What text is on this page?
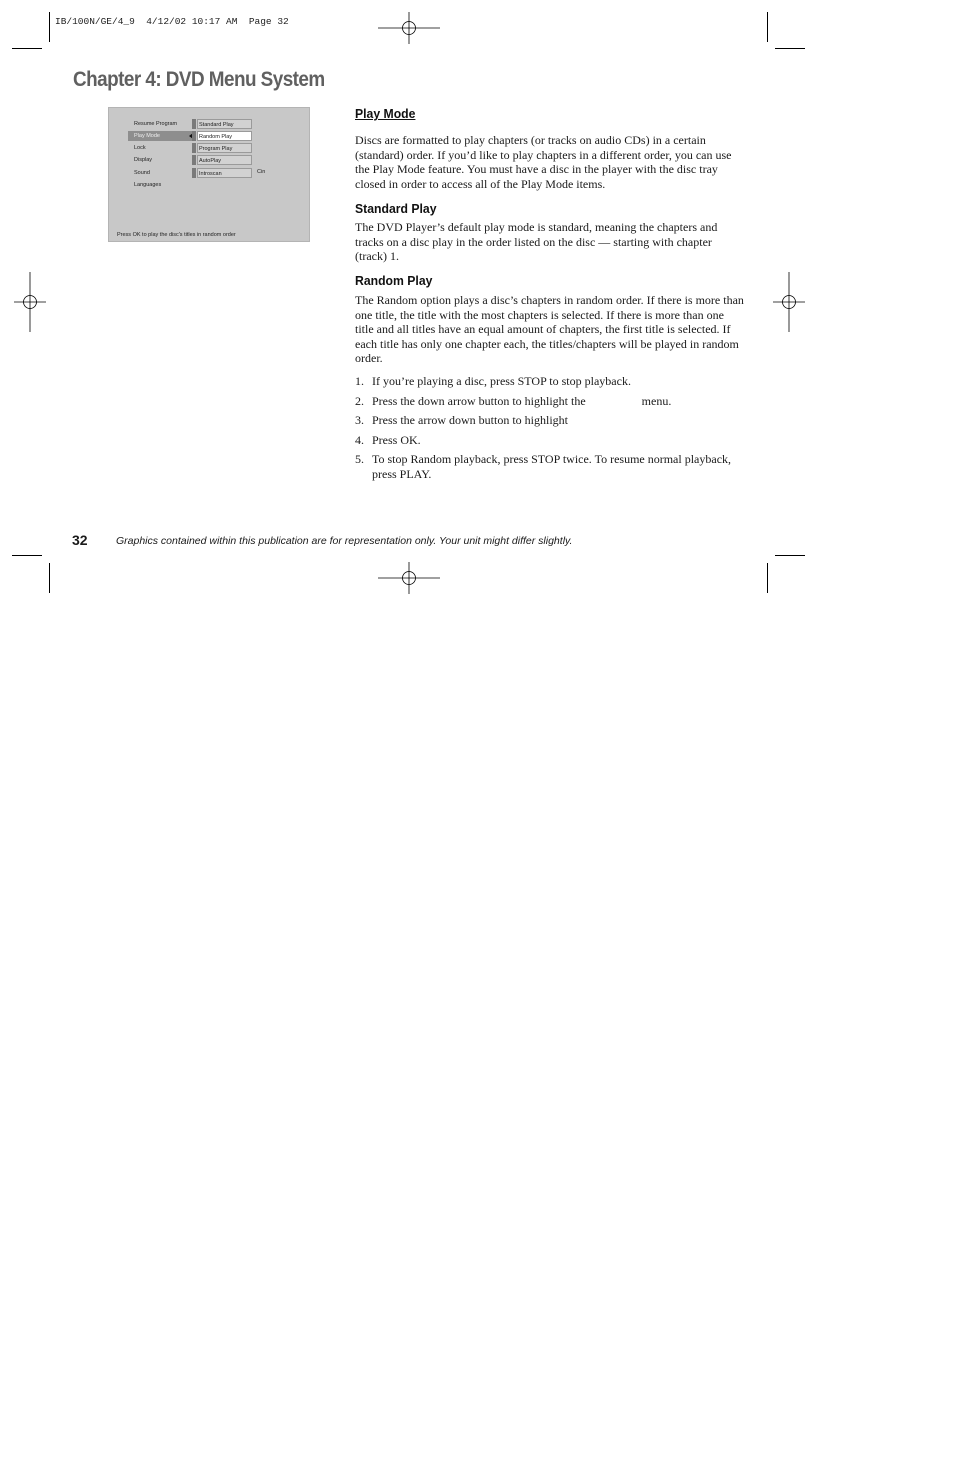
IB/100N/GE/4_9  4/12/02 10:17 AM  Page 32
Chapter 4: DVD Menu System
Resume Program
Play Mode
Lock
Display
Sound
Languages
Standard Play
Random Play
Program Play
AutoPlay
Introscan	Cin
Press OK to play the disc's titles in random order
Play Mode

Discs are formatted to play chapters (or tracks on audio CDs) in a certain (standard) order. If you’d like to play chapters in a different order, you can use the Play Mode feature. You must have a disc in the player with the disc tray closed in order to access all of the Play Mode items.

Standard Play

The DVD Player’s default play mode is standard, meaning the chapters and tracks on a disc play in the order listed on the disc — starting with chapter (track) 1.

Random Play

The Random option plays a disc’s chapters in random order. If there is more than one title, the title with the most chapters is selected. If there is more than one title and all titles have an equal amount of chapters, the first title is selected. If each title has only one chapter each, the titles/chapters will be played in random order.

1. If you’re playing a disc, press STOP to stop playback.
2. Press the down arrow button to highlight the	menu.
3. Press the arrow down button to highlight
4. Press OK.
5. To stop Random playback, press STOP twice. To resume normal playback, press PLAY.
32	Graphics contained within this publication are for representation only. Your unit might differ slightly.
